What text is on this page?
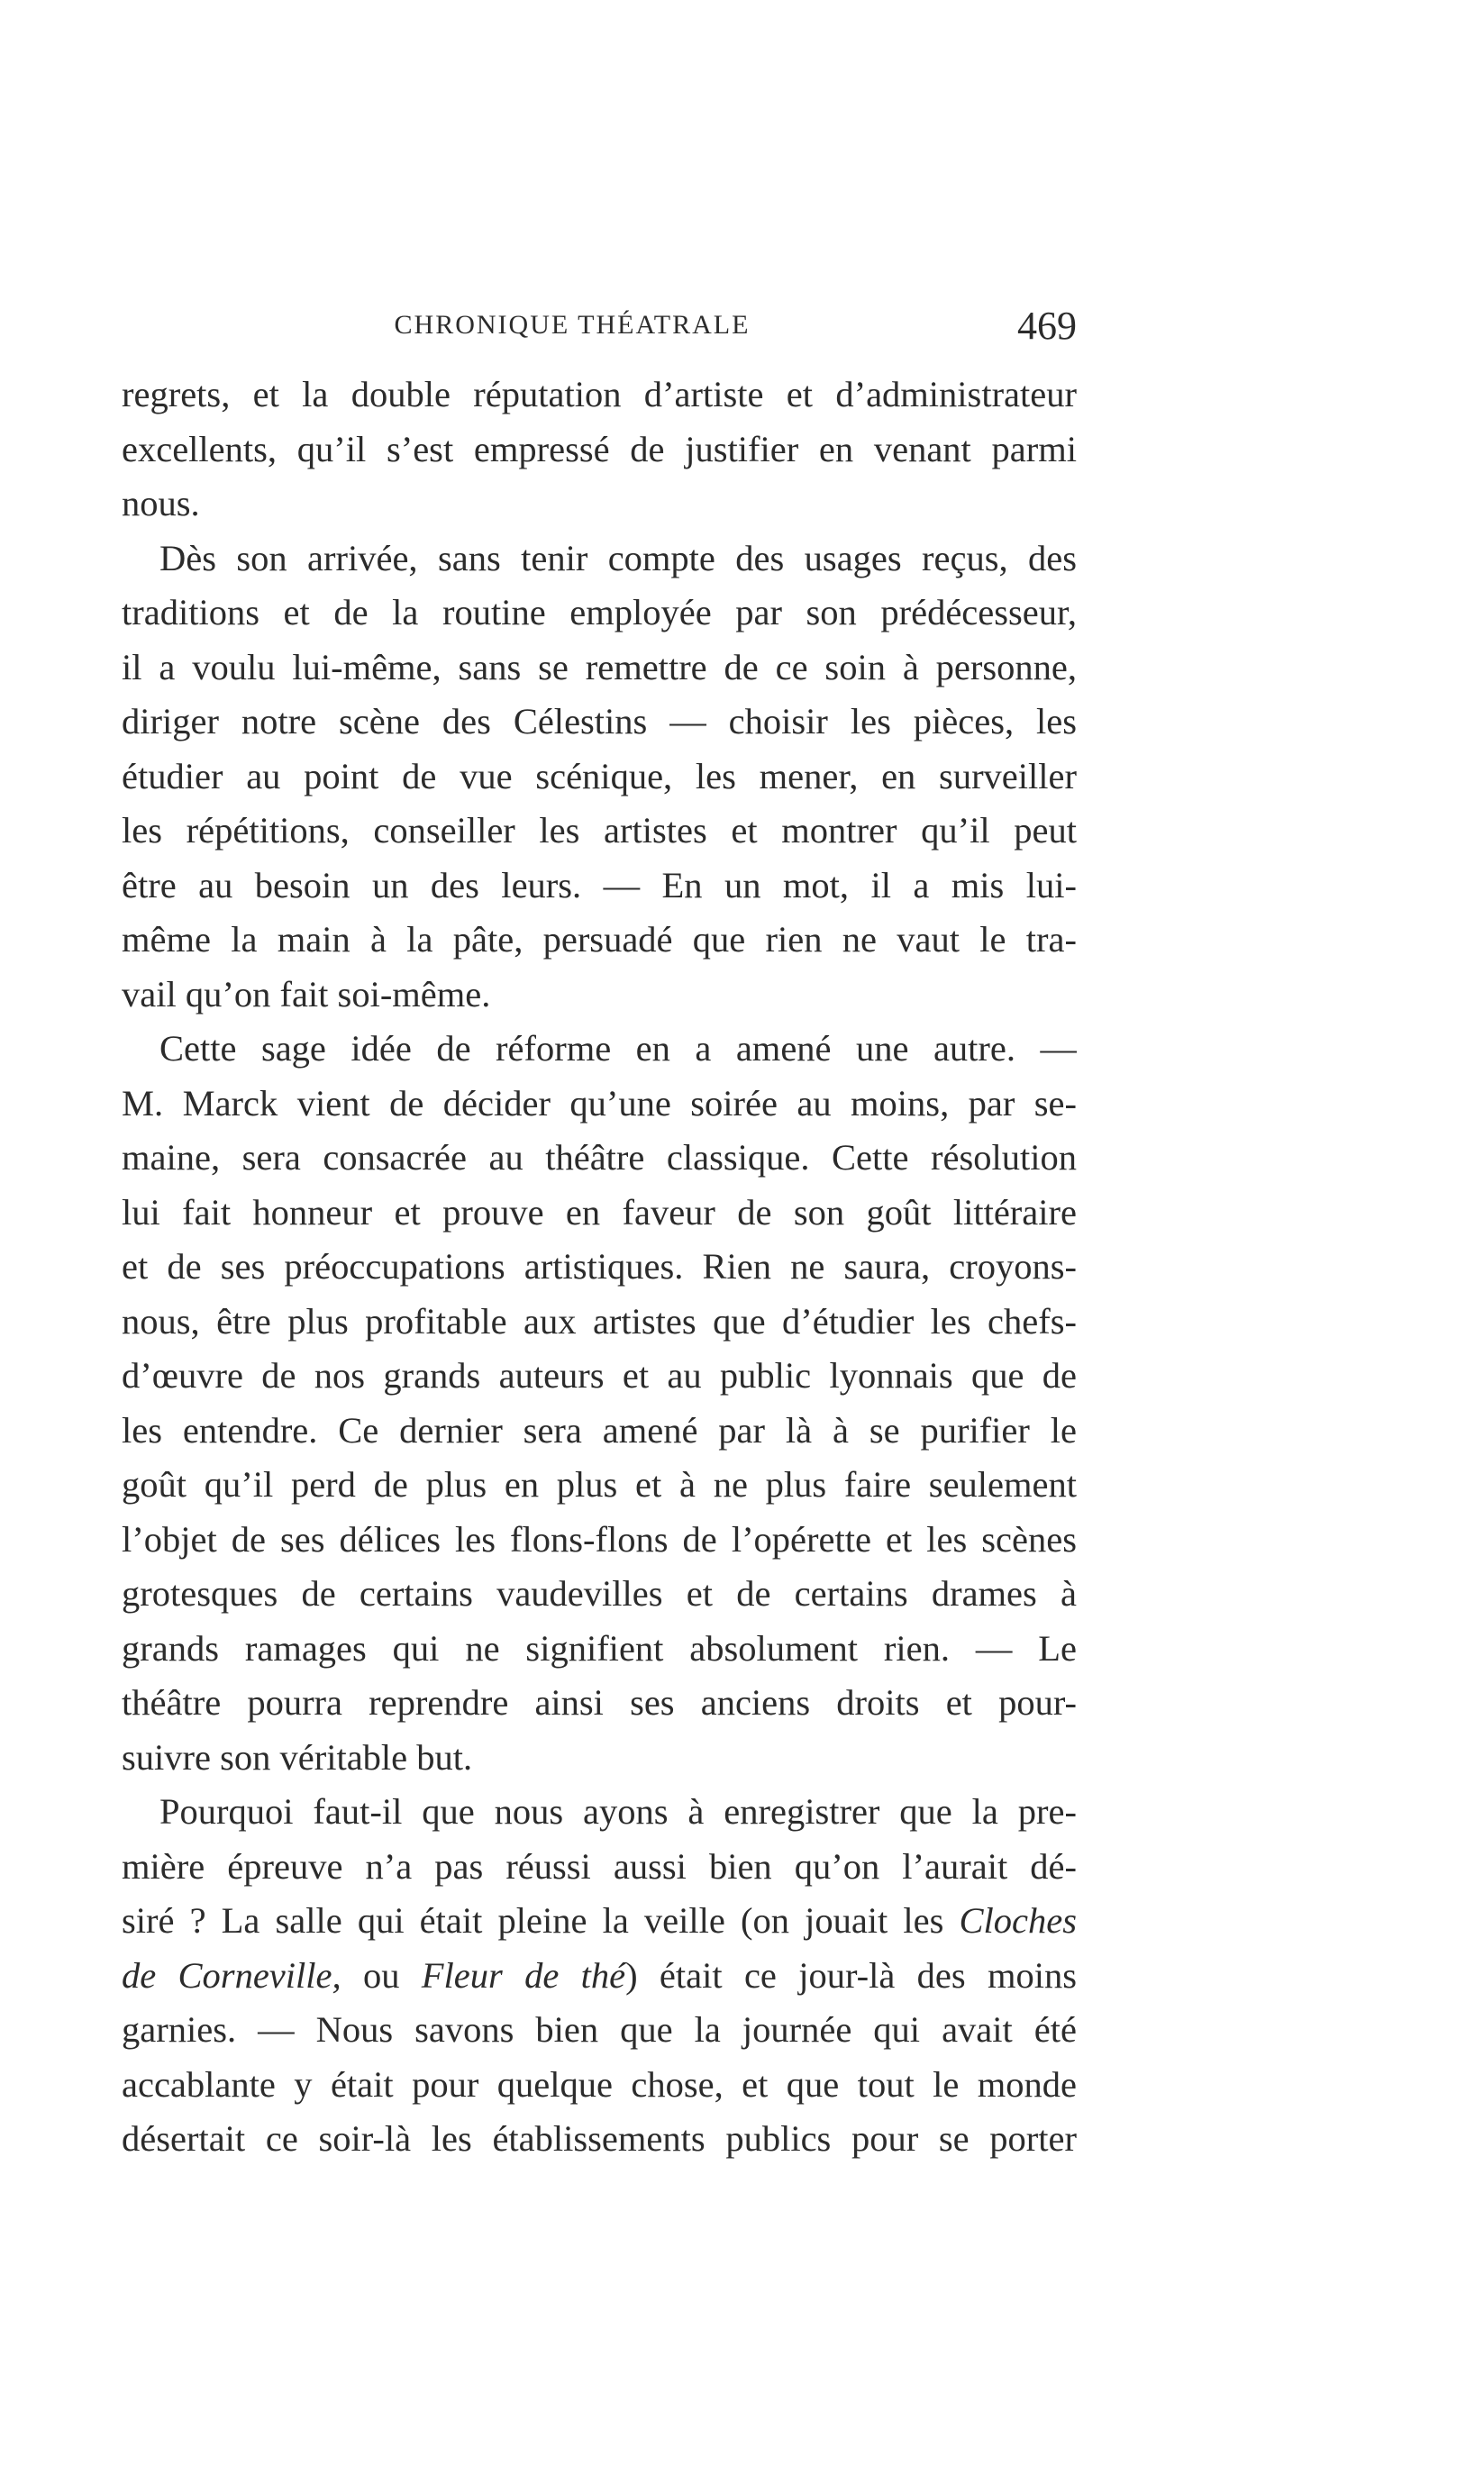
CHRONIQUE THÉATRALE	469
regrets, et la double réputation d’artiste et d’administrateur
excellents, qu’il s’est empressé de justifier en venant parmi
nous.
Dès son arrivée, sans tenir compte des usages reçus, des
traditions et de la routine employée par son prédécesseur,
il a voulu lui-même, sans se remettre de ce soin à personne,
diriger notre scène des Célestins — choisir les pièces, les
étudier au point de vue scénique, les mener, en surveiller
les répétitions, conseiller les artistes et montrer qu’il peut
être au besoin un des leurs. — En un mot, il a mis lui-
même la main à la pâte, persuadé que rien ne vaut le tra-
vail qu’on fait soi-même.
Cette sage idée de réforme en a amené une autre. —
M. Marck vient de décider qu’une soirée au moins, par se-
maine, sera consacrée au théâtre classique. Cette résolution
lui fait honneur et prouve en faveur de son goût littéraire
et de ses préoccupations artistiques. Rien ne saura, croyons-
nous, être plus profitable aux artistes que d’étudier les chefs-
d’œuvre de nos grands auteurs et au public lyonnais que de
les entendre. Ce dernier sera amené par là à se purifier le
goût qu’il perd de plus en plus et à ne plus faire seulement
l’objet de ses délices les flons-flons de l’opérette et les scènes
grotesques de certains vaudevilles et de certains drames à
grands ramages qui ne signifient absolument rien. — Le
théâtre pourra reprendre ainsi ses anciens droits et pour-
suivre son véritable but.
Pourquoi faut-il que nous ayons à enregistrer que la pre-
mière épreuve n’a pas réussi aussi bien qu’on l’aurait dé-
siré ? La salle qui était pleine la veille (on jouait les Cloches
de Corneville, ou Fleur de thé) était ce jour-là des moins
garnies. — Nous savons bien que la journée qui avait été
accablante y était pour quelque chose, et que tout le monde
désertait ce soir-là les établissements publics pour se porter
